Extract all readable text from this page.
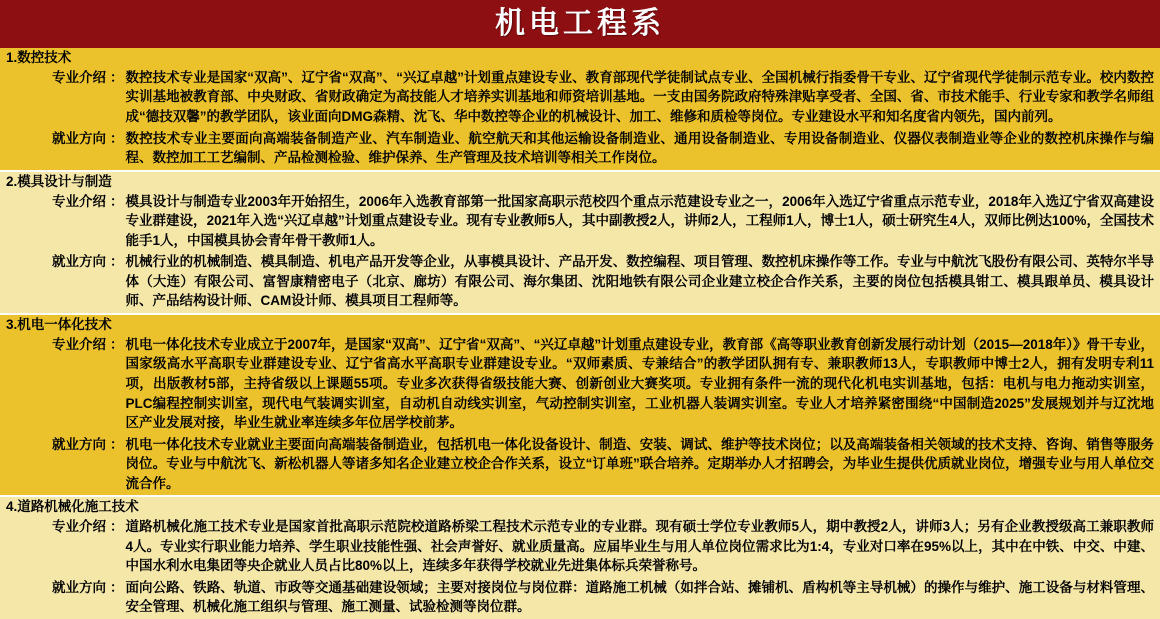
机电工程系
1.数控技术
专业介绍 ： 数控技术专业是国家“双高”、辽宁省“双高”、“兴辽卓越”计划重点建设专业、教育部现代学徒制试点专业、全国机械行指委骨干专业、辽宁省现代学徒制示范专业。校内数控实训基地被教育部、中央财政、省财政确定为高技能人才培养实训基地和师资培训基地。一支由国务院政府特殊津贴享受者、全国、省、市技术能手、行业专家和教学名师组成“德技双馨”的教学团队，该业面向DMG森精、沈飞、华中数控等企业的机械设计、加工、维修和质检等岗位。专业建设水平和知名度省内领先，国内前列。
就业方向 ： 数控技术专业主要面向高端装备制造产业、汽车制造业、航空航天和其他运输设备制造业、通用设备制造业、专用设备制造业、仪器仪表制造业等企业的数控机床操作与编程、数控加工工艺编制、产品检测检验、维护保养、生产管理及技术培训等相关工作岗位。
2.模具设计与制造
专业介绍 ： 模具设计与制造专业2003年开始招生，2006年入选教育部第一批国家高职示范校四个重点示范建设专业之一，2006年入选辽宁省重点示范专业，2018年入选辽宁省双高建设专业群建设，2021年入选“兴辽卓越”计划重点建设专业。现有专业教师5人，其中副教授2人，讲师2人，工程师1人，博士1人，硕士研究生4人，双师比例达100%，全国技术能手1人，中国模具协会青年骨干教师1人。
就业方向 ： 机械行业的机械制造、模具制造、机电产品开发等企业，从事模具设计、产品开发、数控编程、项目管理、数控机床操作等工作。专业与中航沈飞股份有限公司、英特尔半导体（大连）有限公司、富智康精密电子（北京、廊坊）有限公司、海尔集团、沈阳地铁有限公司企业建立校企合作关系，主要的岗位包括模具钳工、模具跟单员、模具设计师、产品结构设计师、CAM设计师、模具项目工程师等。
3.机电一体化技术
专业介绍 ： 机电一体化技术专业成立于2007年，是国家“双高”、辽宁省“双高”、“兴辽卓越”计划重点建设专业，教育部《高等职业教育创新发展行动计划（2015—2018年）》骨干专业，国家级高水平高职专业群建设专业、辽宁省高水平高职专业群建设专业。“双师素质、专兼结合”的教学团队拥有专、兼职教师13人，专职教师中博士2人，拥有发明专利11项，出版教材5部，主持省级以上课题55项。专业多次获得省级技能大赛、创新创业大赛奖项。专业拥有条件一流的现代化机电实训基地，包括：电机与电力拖动实训室，PLC编程控制实训室，现代电气装调实训室，自动机自动线实训室，气动控制实训室，工业机器人装调实训室。专业人才培养紧密围绕“中国制造2025”发展规划并与辽沈地区产业发展对接，毕业生就业率连续多年位居学校前茅。
就业方向 ： 机电一体化技术专业就业主要面向高端装备制造业，包括机电一体化设备设计、制造、安装、调试、维护等技术岗位；以及高端装备相关领域的技术支持、咨询、销售等服务岗位。专业与中航沈飞、新松机器人等诸多知名企业建立校企合作关系，设立“订单班”联合培养。定期举办人才招聘会，为毕业生提供优质就业岗位，增强专业与用人单位交流合作。
4.道路机械化施工技术
专业介绍 ： 道路机械化施工技术专业是国家首批高职示范院校道路桥梁工程技术示范专业的专业群。现有硕士学位专业教师5人，期中教授2人，讲师3人；另有企业教授级高工兼职教师4人。专业实行职业能力培养、学生职业技能性强、社会声誉好、就业质量高。应届毕业生与用人单位岗位需求比为1:4，专业对口率在95%以上，其中在中铁、中交、中建、中国水利水电集团等央企就业人员占比80%以上，连续多年获得学校就业先进集体标兵荣誉称号。
就业方向 ： 面向公路、铁路、轨道、市政等交通基础建设领域；主要对接岗位与岗位群：道路施工机械（如拌合站、摊铺机、盾构机等主导机械）的操作与维护、施工设备与材料管理、安全管理、机械化施工组织与管理、施工测量、试验检测等岗位群。
